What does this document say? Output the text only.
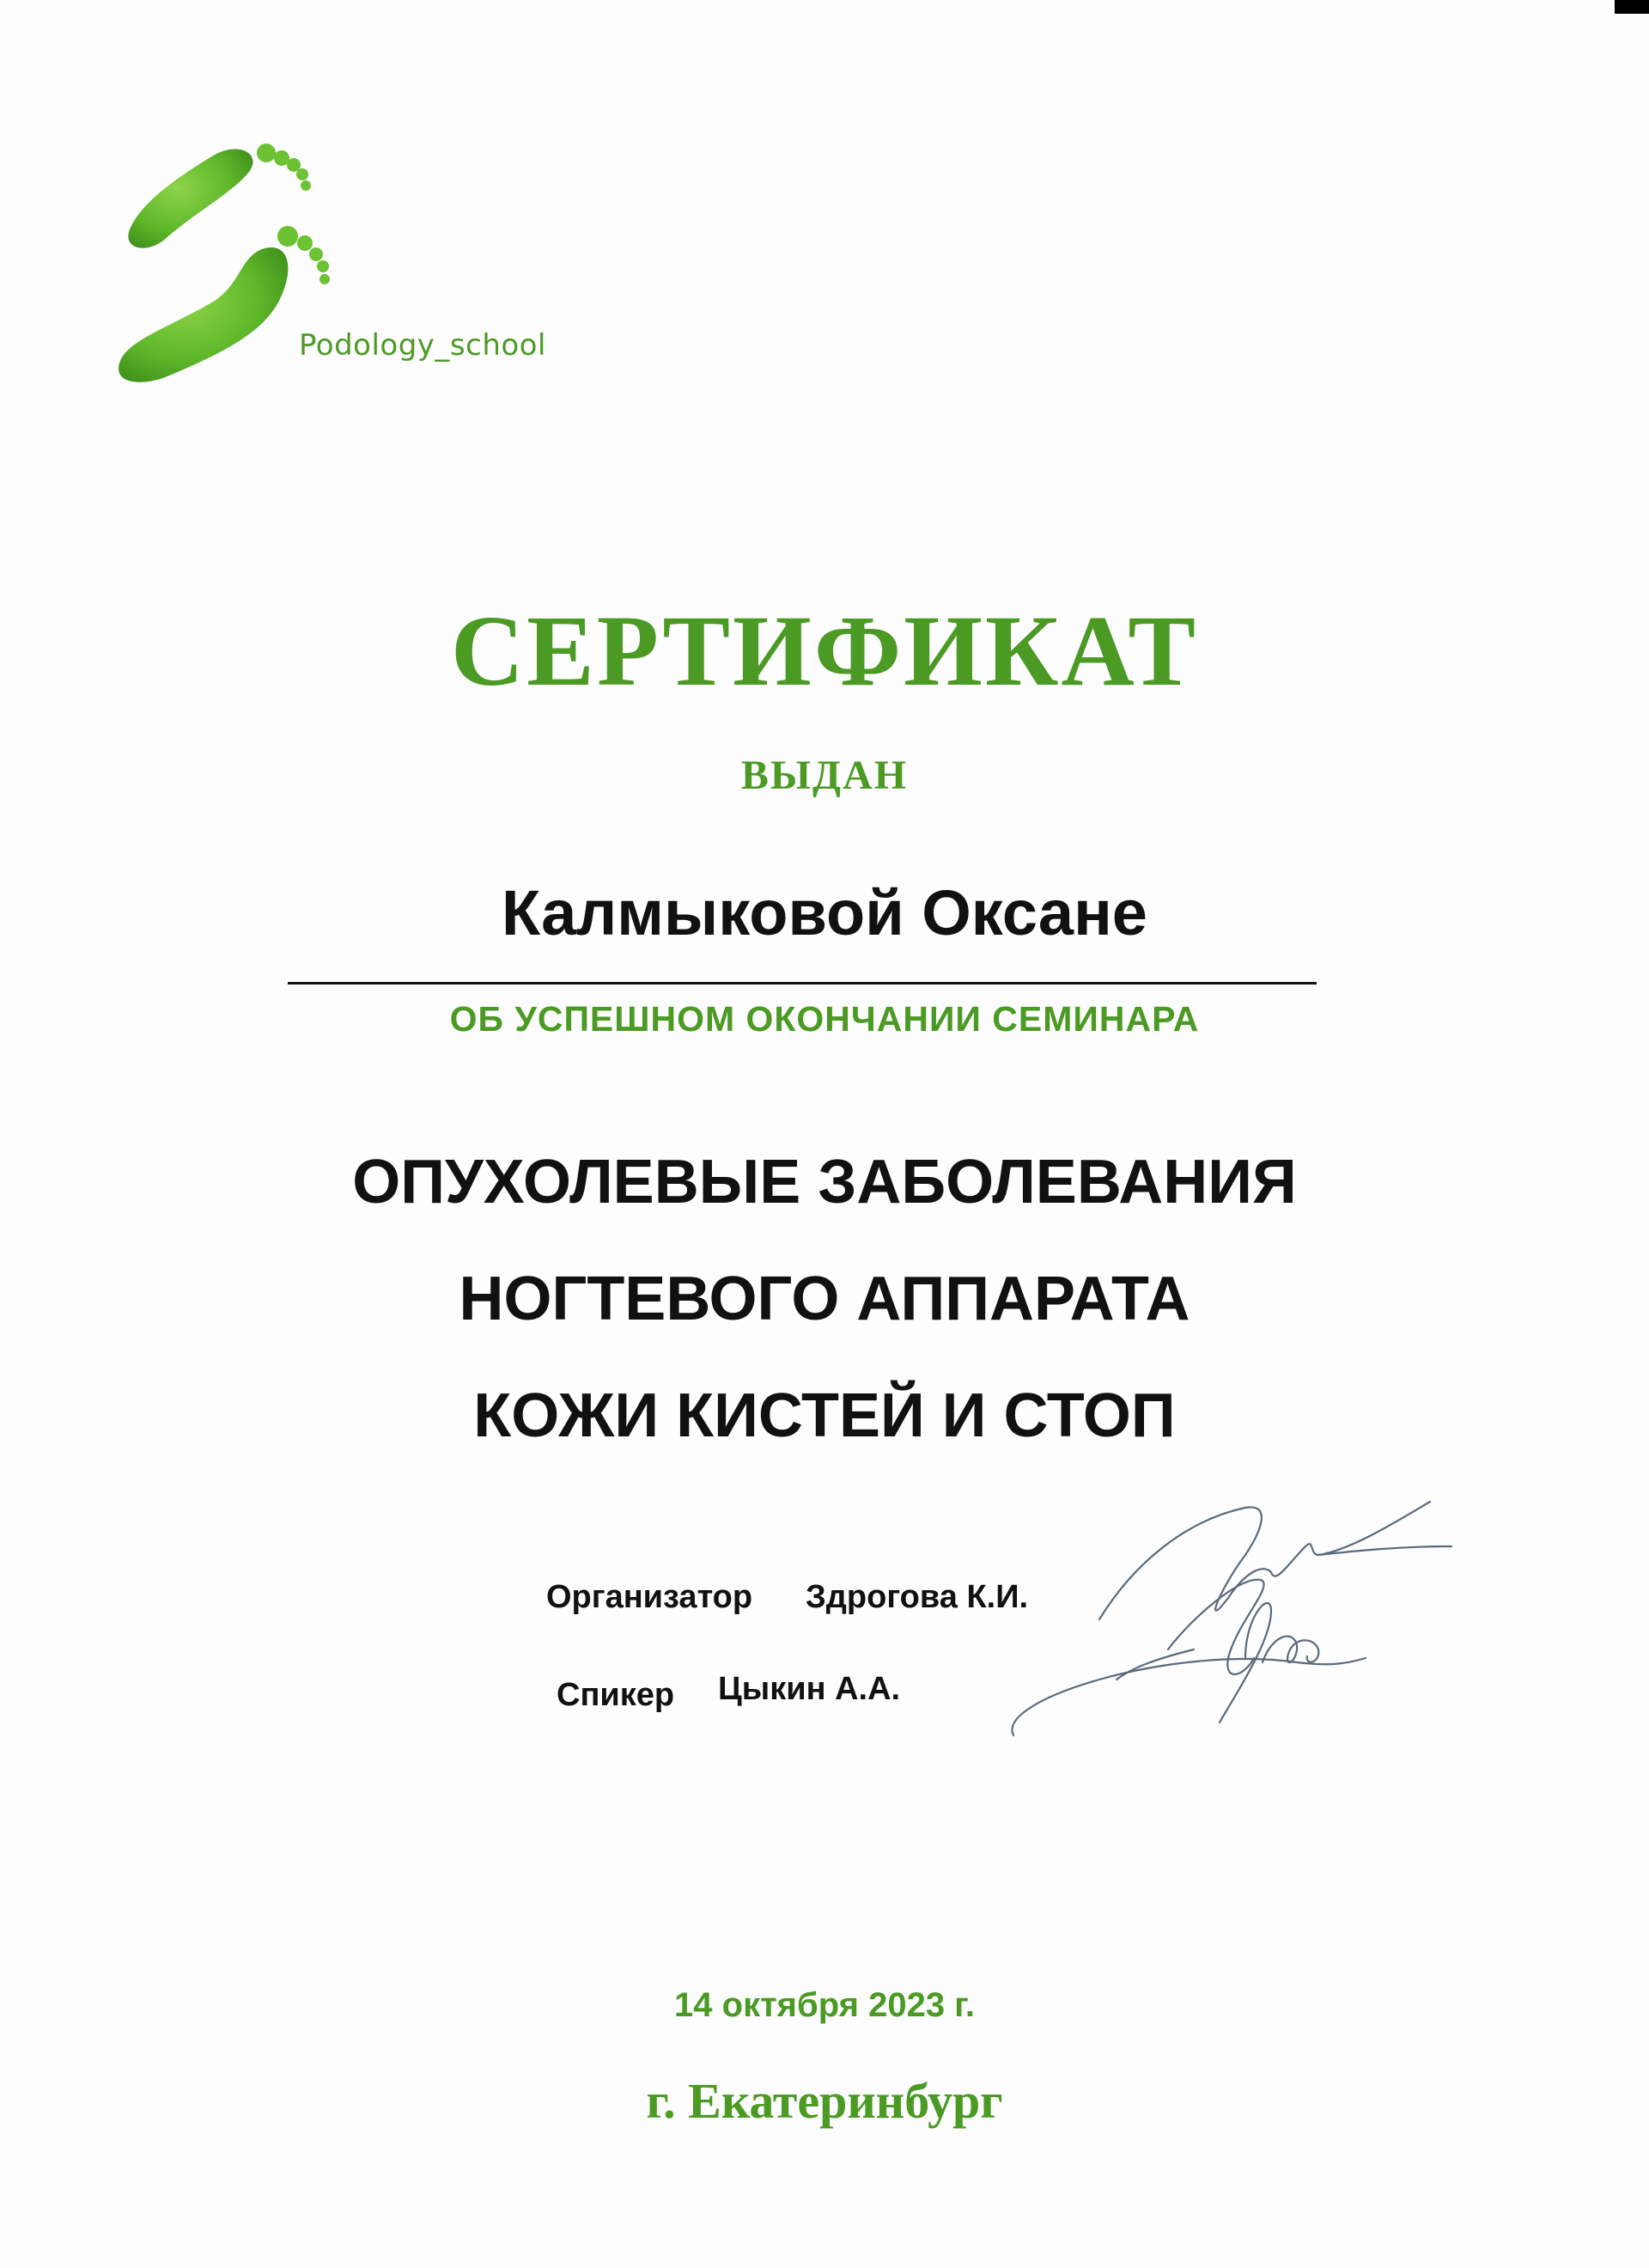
Podology_school
СЕРТИФИКАТ
ВЫДАН
Калмыковой Оксане
ОБ УСПЕШНОМ ОКОНЧАНИИ СЕМИНАРА
ОПУХОЛЕВЫЕ ЗАБОЛЕВАНИЯ
НОГТЕВОГО АППАРАТА
КОЖИ КИСТЕЙ И СТОП
Организатор Здрогова К.И.
Спикер Цыкин А.А.
14 октября 2023 г.
г. Екатеринбург
